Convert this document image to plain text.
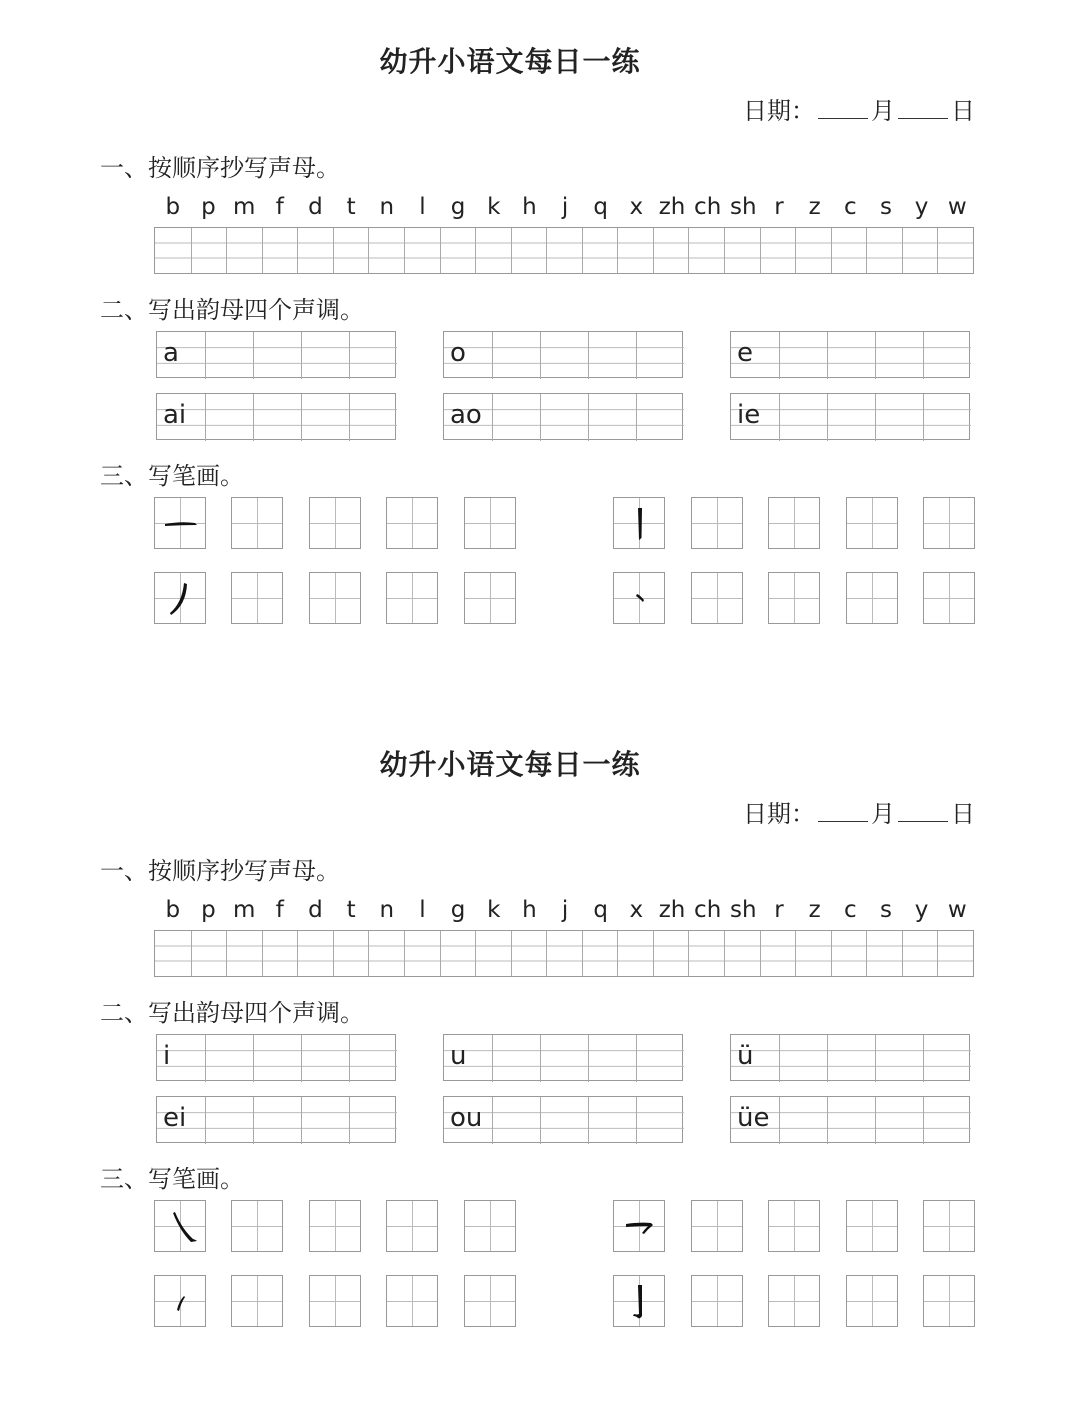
幼升小语文每日一练
日期： 月 日
一、按顺序抄写声母。
b p m f	d	t	n	l	g k h	j	q x zh ch sh r	z	c	s y w
二、写出韵母四个声调。
a	o	e
ai	ao	ie
三、写笔画。
幼升小语文每日一练
日期： 月 日
一、按顺序抄写声母。
b p m f	d	t	n	l	g k h	j	q x zh ch sh r	z	c	s y w
二、写出韵母四个声调。
i	u	ü
ei	ou	üe
三、写笔画。
